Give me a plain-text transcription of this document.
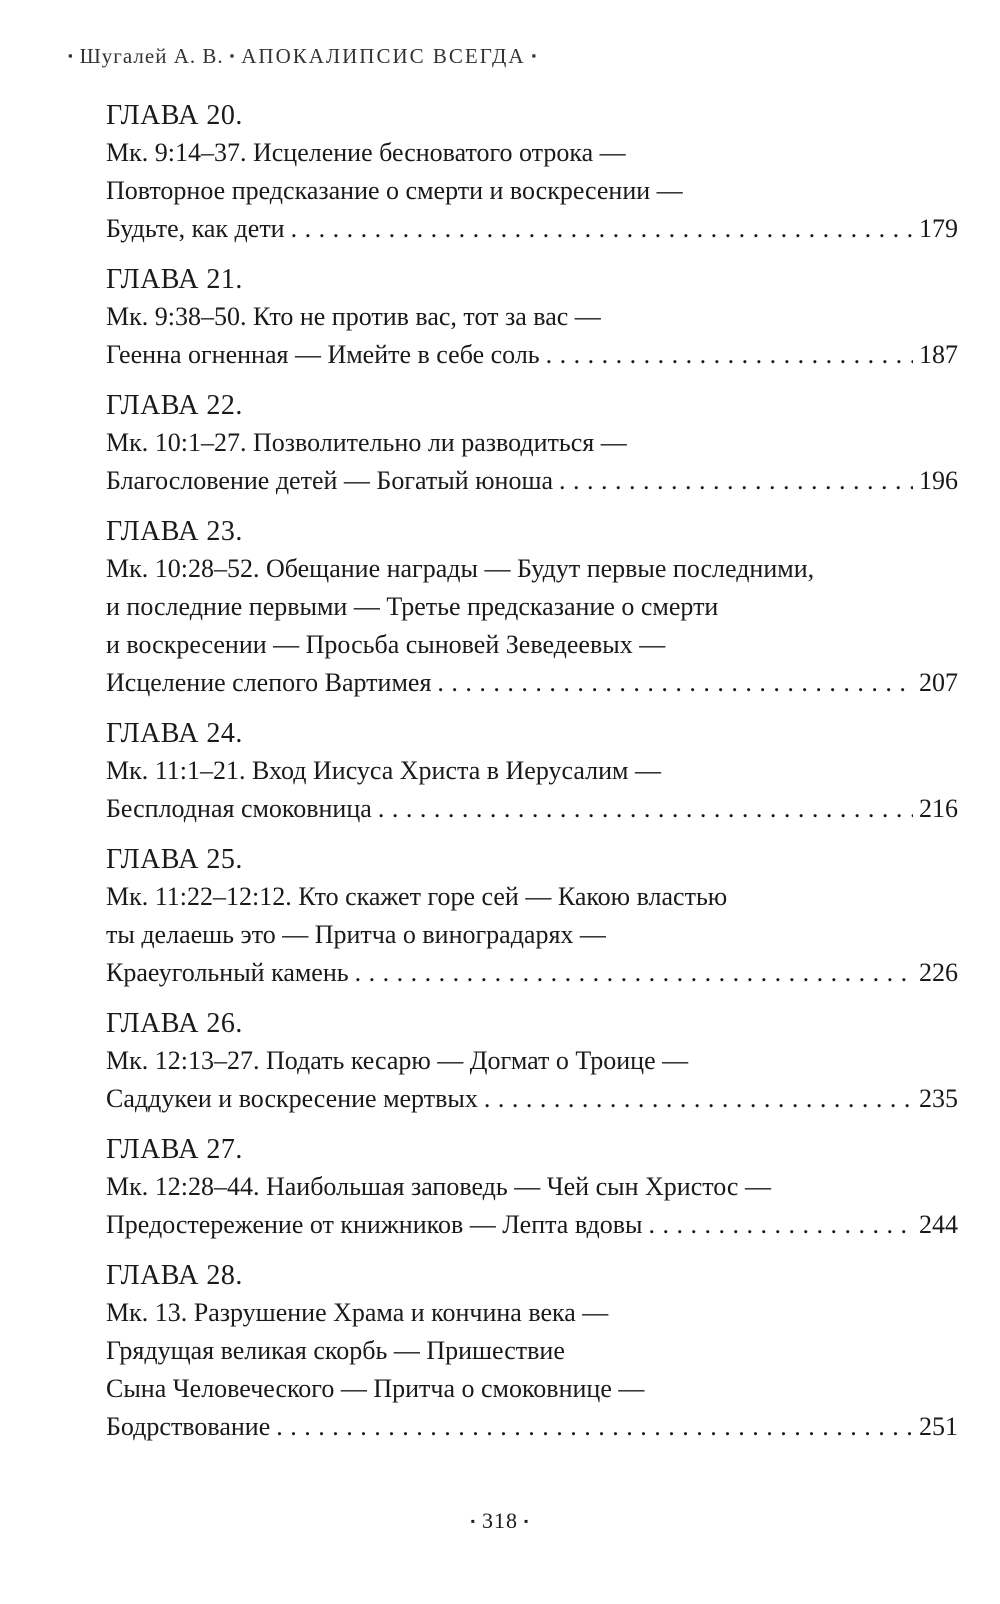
▪ Шугалей А. В. ▪ АПОКАЛИПСИС ВСЕГДА ▪
ГЛАВА 20.
Мк. 9:14–37. Исцеление бесноватого отрока —
Повторное предсказание о смерти и воскресении —
Будьте, как дети . . .	179
ГЛАВА 21.
Мк. 9:38–50. Кто не против вас, тот за вас —
Геенна огненная — Имейте в себе соль . . .	187
ГЛАВА 22.
Мк. 10:1–27. Позволительно ли разводиться —
Благословение детей — Богатый юноша . . .	196
ГЛАВА 23.
Мк. 10:28–52. Обещание награды — Будут первые последними,
и последние первыми — Третье предсказание о смерти
и воскресении — Просьба сыновей Зеведеевых —
Исцеление слепого Вартимея . . .	207
ГЛАВА 24.
Мк. 11:1–21. Вход Иисуса Христа в Иерусалим —
Бесплодная смоковница . . .	216
ГЛАВА 25.
Мк. 11:22–12:12. Кто скажет горе сей — Какою властью
ты делаешь это — Притча о виноградарях —
Краеугольный камень . . .	226
ГЛАВА 26.
Мк. 12:13–27. Подать кесарю — Догмат о Троице —
Саддукеи и воскресение мертвых . . .	235
ГЛАВА 27.
Мк. 12:28–44. Наибольшая заповедь — Чей сын Христос —
Предостережение от книжников — Лепта вдовы . . .	244
ГЛАВА 28.
Мк. 13. Разрушение Храма и кончина века —
Грядущая великая скорбь — Пришествие
Сына Человеческого — Притча о смоковнице —
Бодрствование . . .	251
▪ 318 ▪
